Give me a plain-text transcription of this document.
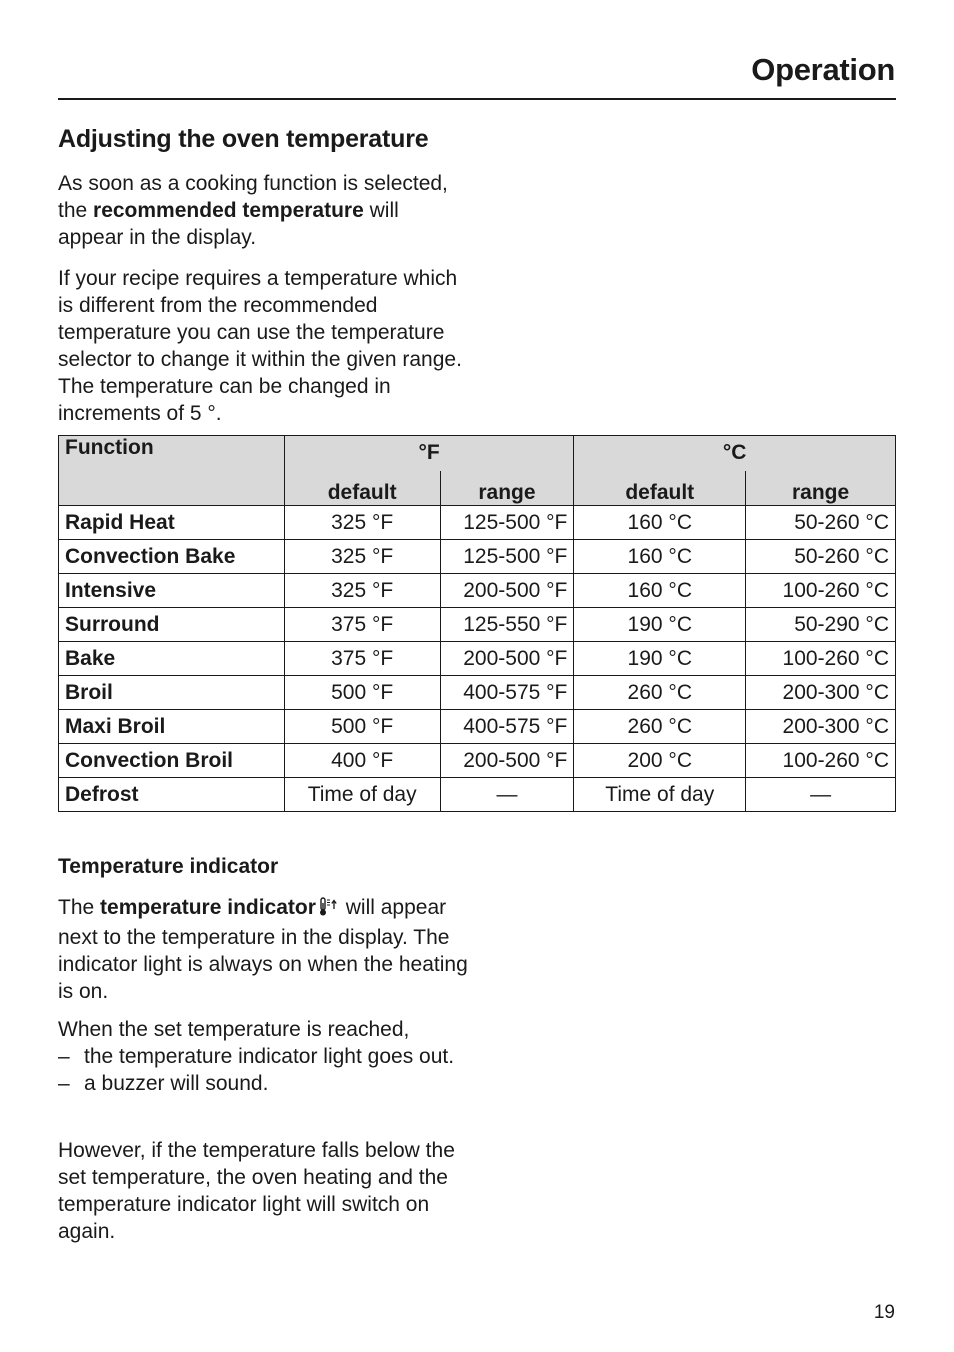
Operation
Adjusting the oven temperature

As soon as a cooking function is selected, the recommended temperature will appear in the display.

If your recipe requires a temperature which is different from the recommended temperature you can use the temperature selector to change it within the given range. The temperature can be changed in increments of 5 °.

Function	°F		°C	
	default	range	default	range
Rapid Heat	325 °F	125-500 °F	160 °C	50-260 °C
Convection Bake	325 °F	125-500 °F	160 °C	50-260 °C
Intensive	325 °F	200-500 °F	160 °C	100-260 °C
Surround	375 °F	125-550 °F	190 °C	50-290 °C
Bake	375 °F	200-500 °F	190 °C	100-260 °C
Broil	500 °F	400-575 °F	260 °C	200-300 °C
Maxi Broil	500 °F	400-575 °F	260 °C	200-300 °C
Convection Broil	400 °F	200-500 °F	200 °C	100-260 °C
Defrost	Time of day	—	Time of day	—
Temperature indicator

The temperature indicator will appear next to the temperature in the display. The indicator light is always on when the heating is on.

When the set temperature is reached,

– the temperature indicator light goes out.
– a buzzer will sound.

However, if the temperature falls below the set temperature, the oven heating and the temperature indicator light will switch on again.

19
